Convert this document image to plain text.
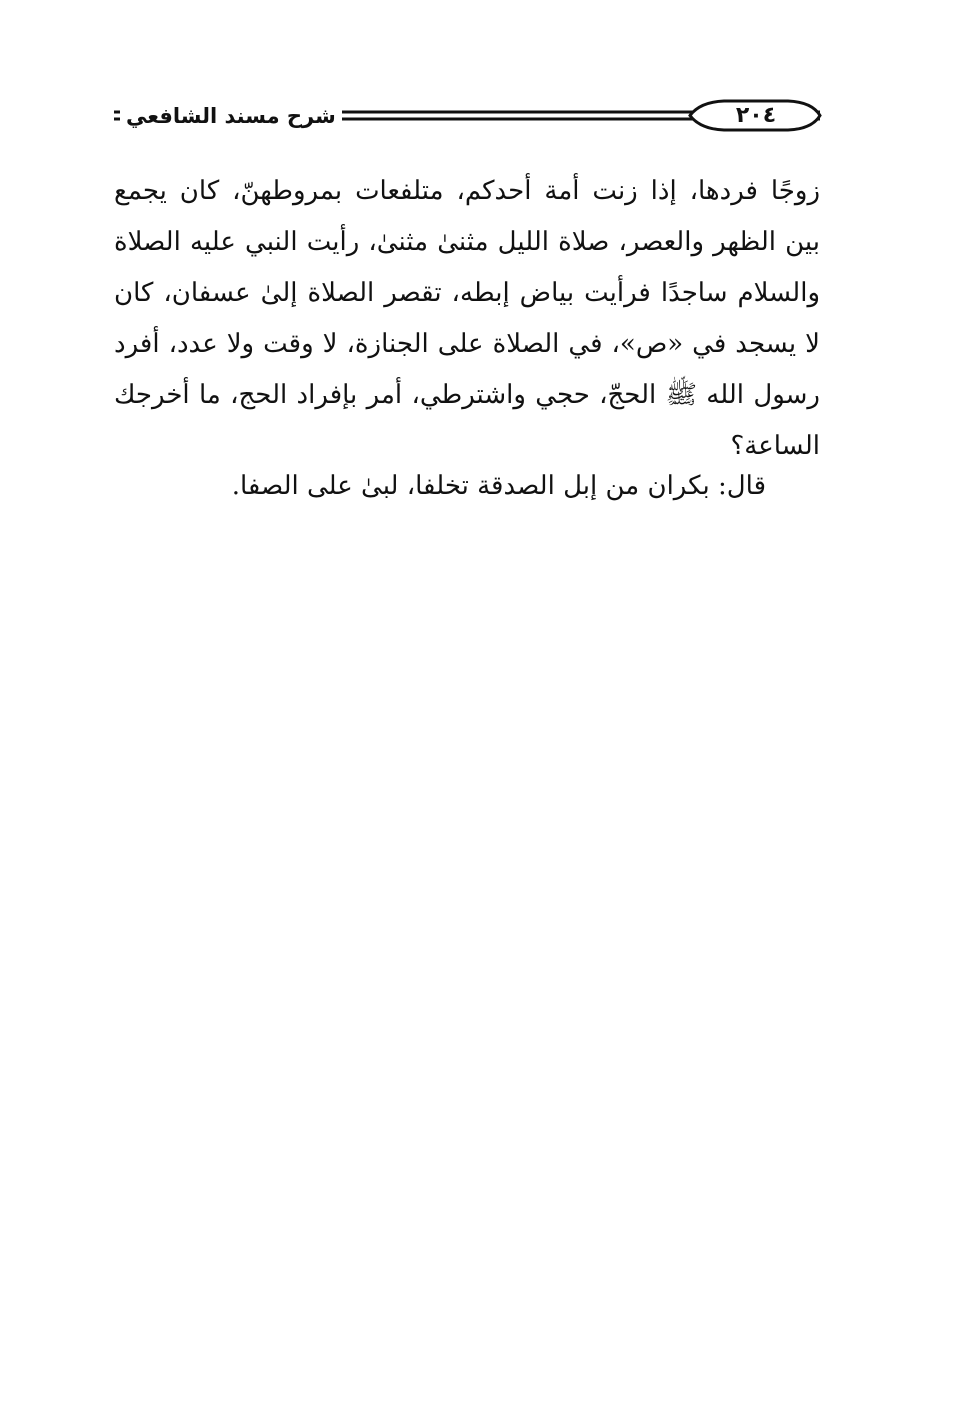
شرح مسند الشافعي	٢٠٤

زوجًا فردها، إذا زنت أمة أحدكم، متلفعات بمروطهنّ، كان يجمع بين الظهر والعصر، صلاة الليل مثنىٰ مثنىٰ، رأيت النبي عليه الصلاة والسلام ساجدًا فرأيت بياض إبطه، تقصر الصلاة إلىٰ عسفان، كان لا يسجد في «ص»، في الصلاة على الجنازة، لا وقت ولا عدد، أفرد رسول الله ﷺ الحجّ، حجي واشترطي، أمر بإفراد الحج، ما أخرجك الساعة؟

قال: بكران من إبل الصدقة تخلفا، لبىٰ على الصفا.
